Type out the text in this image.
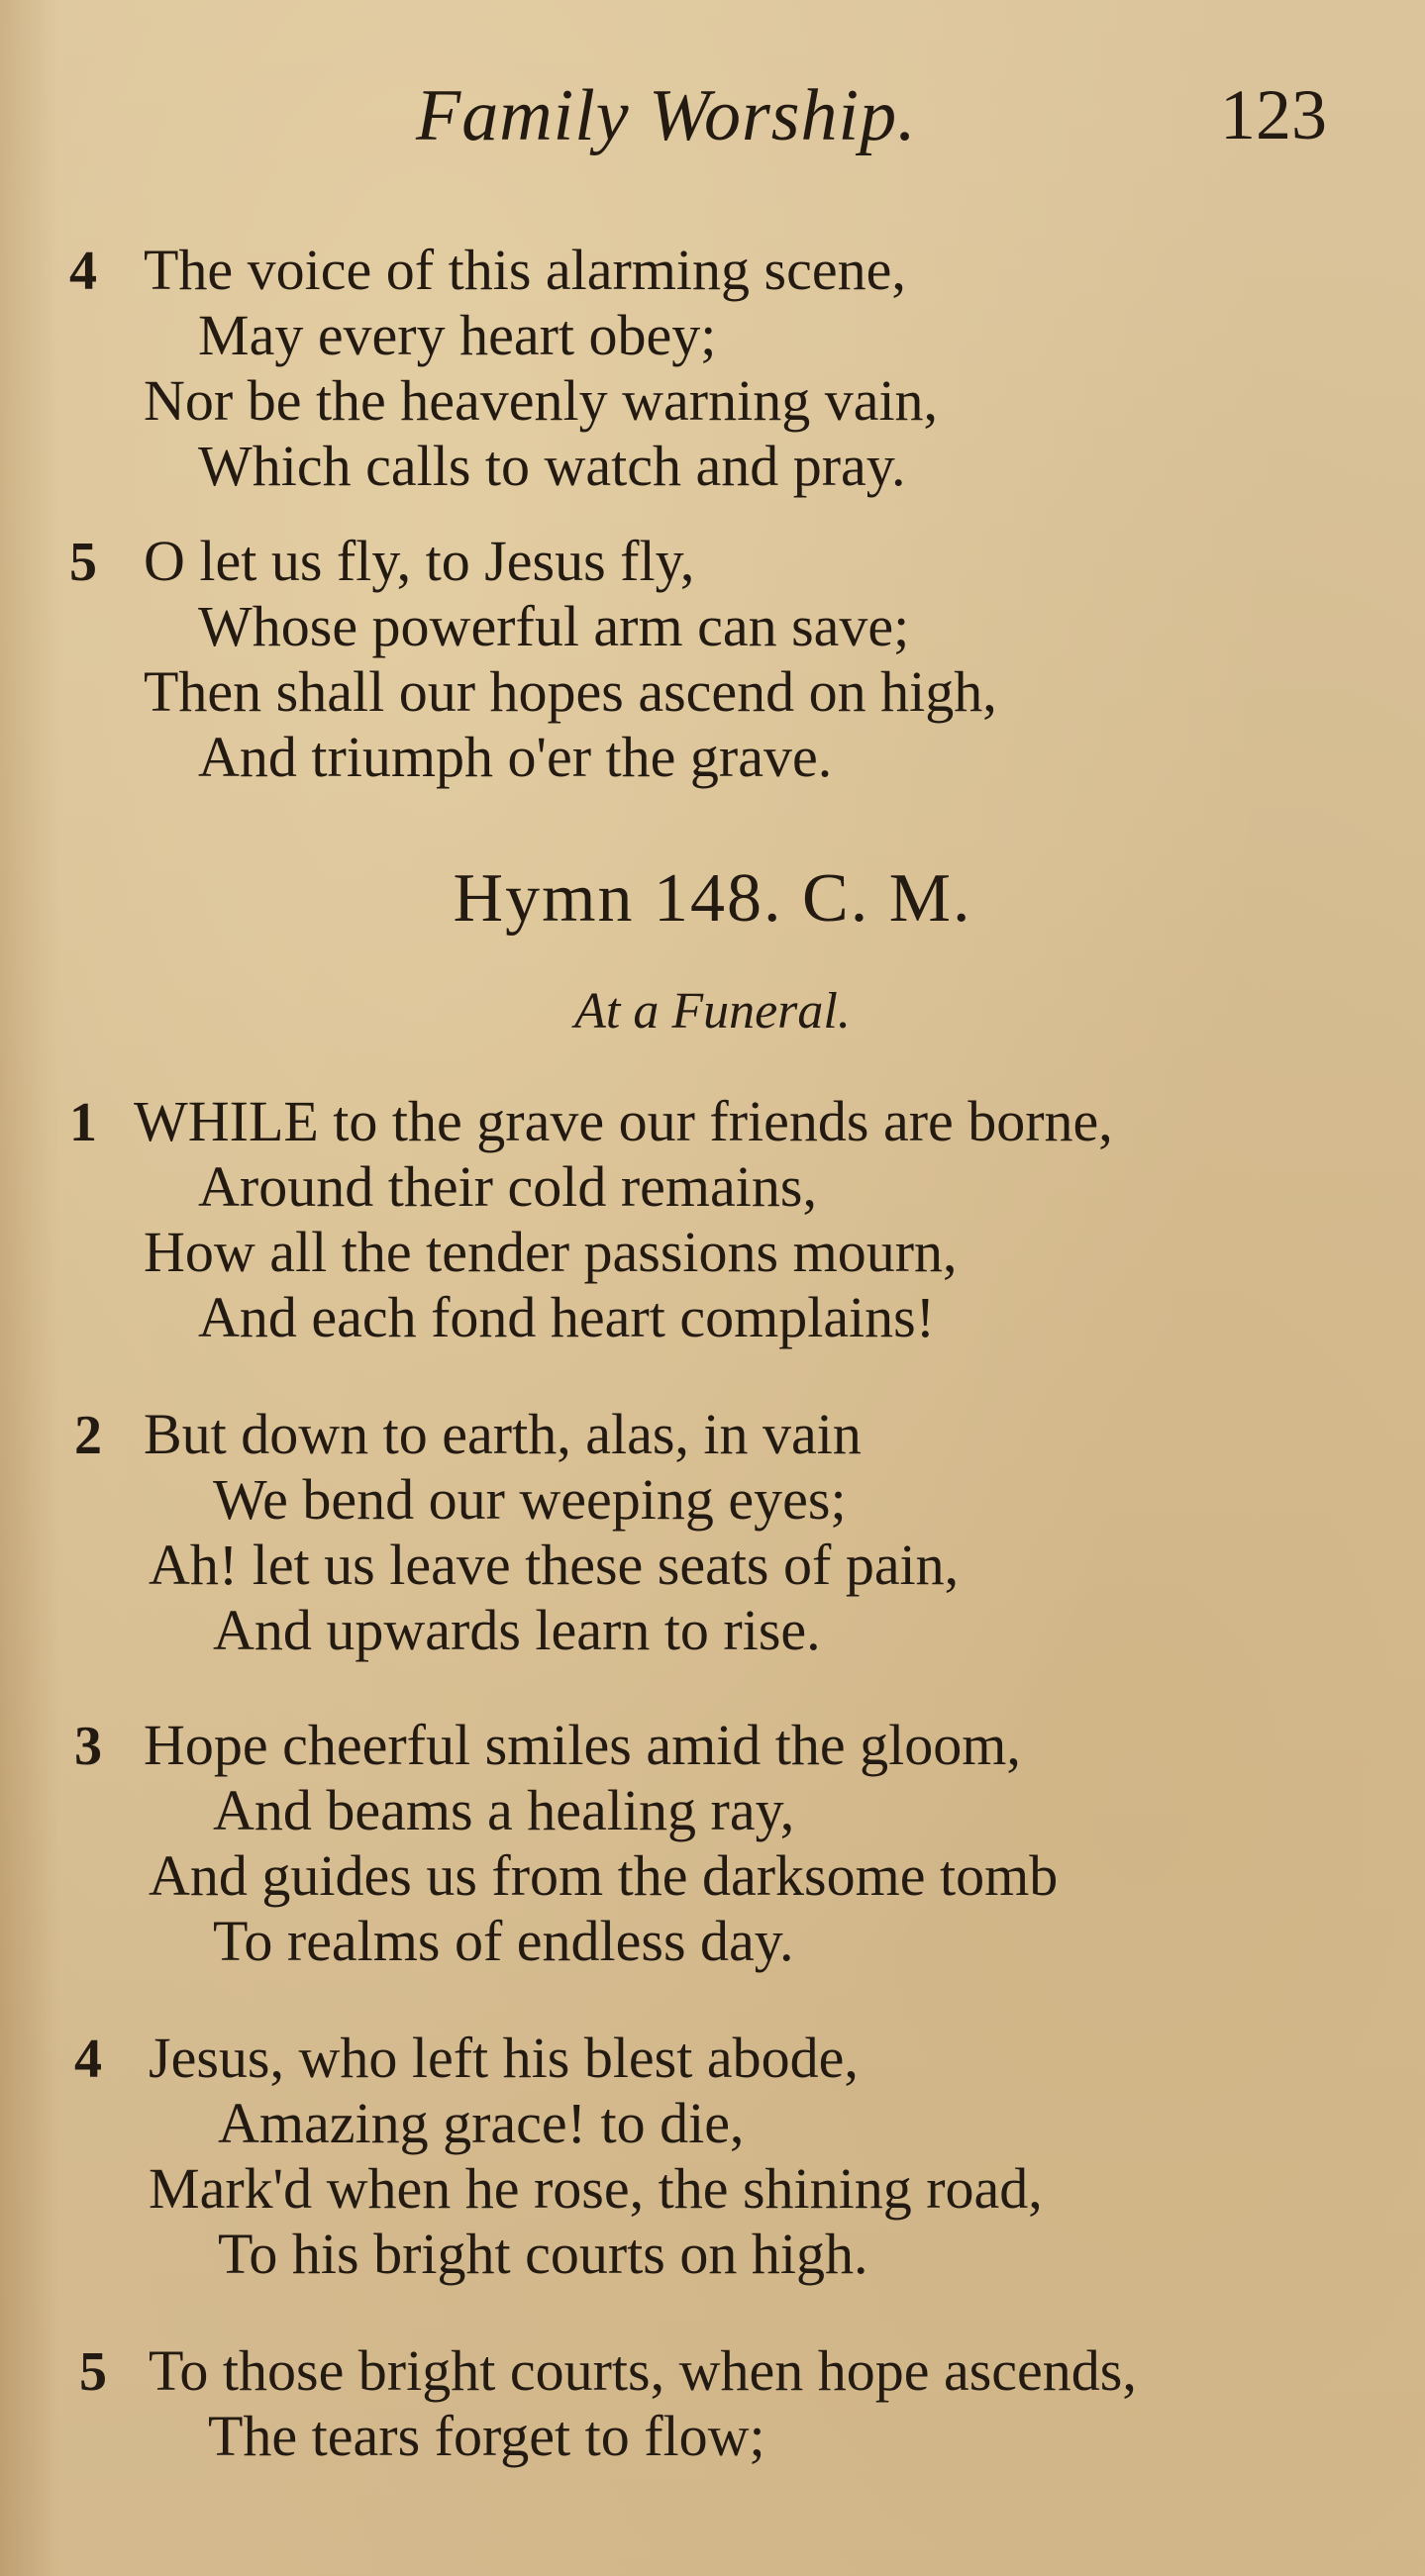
Family Worship.	123
4 The voice of this alarming scene,
May every heart obey;
Nor be the heavenly warning vain,
Which calls to watch and pray.
5 O let us fly, to Jesus fly,
Whose powerful arm can save;
Then shall our hopes ascend on high,
And triumph o'er the grave.
Hymn 148. C. M.
At a Funeral.
1 WHILE to the grave our friends are borne,
Around their cold remains,
How all the tender passions mourn,
And each fond heart complains!
2 But down to earth, alas, in vain
We bend our weeping eyes;
Ah! let us leave these seats of pain,
And upwards learn to rise.
3 Hope cheerful smiles amid the gloom,
And beams a healing ray,
And guides us from the darksome tomb
To realms of endless day.
4 Jesus, who left his blest abode,
Amazing grace! to die,
Mark'd when he rose, the shining road,
To his bright courts on high.
5 To those bright courts, when hope ascends,
The tears forget to flow;
